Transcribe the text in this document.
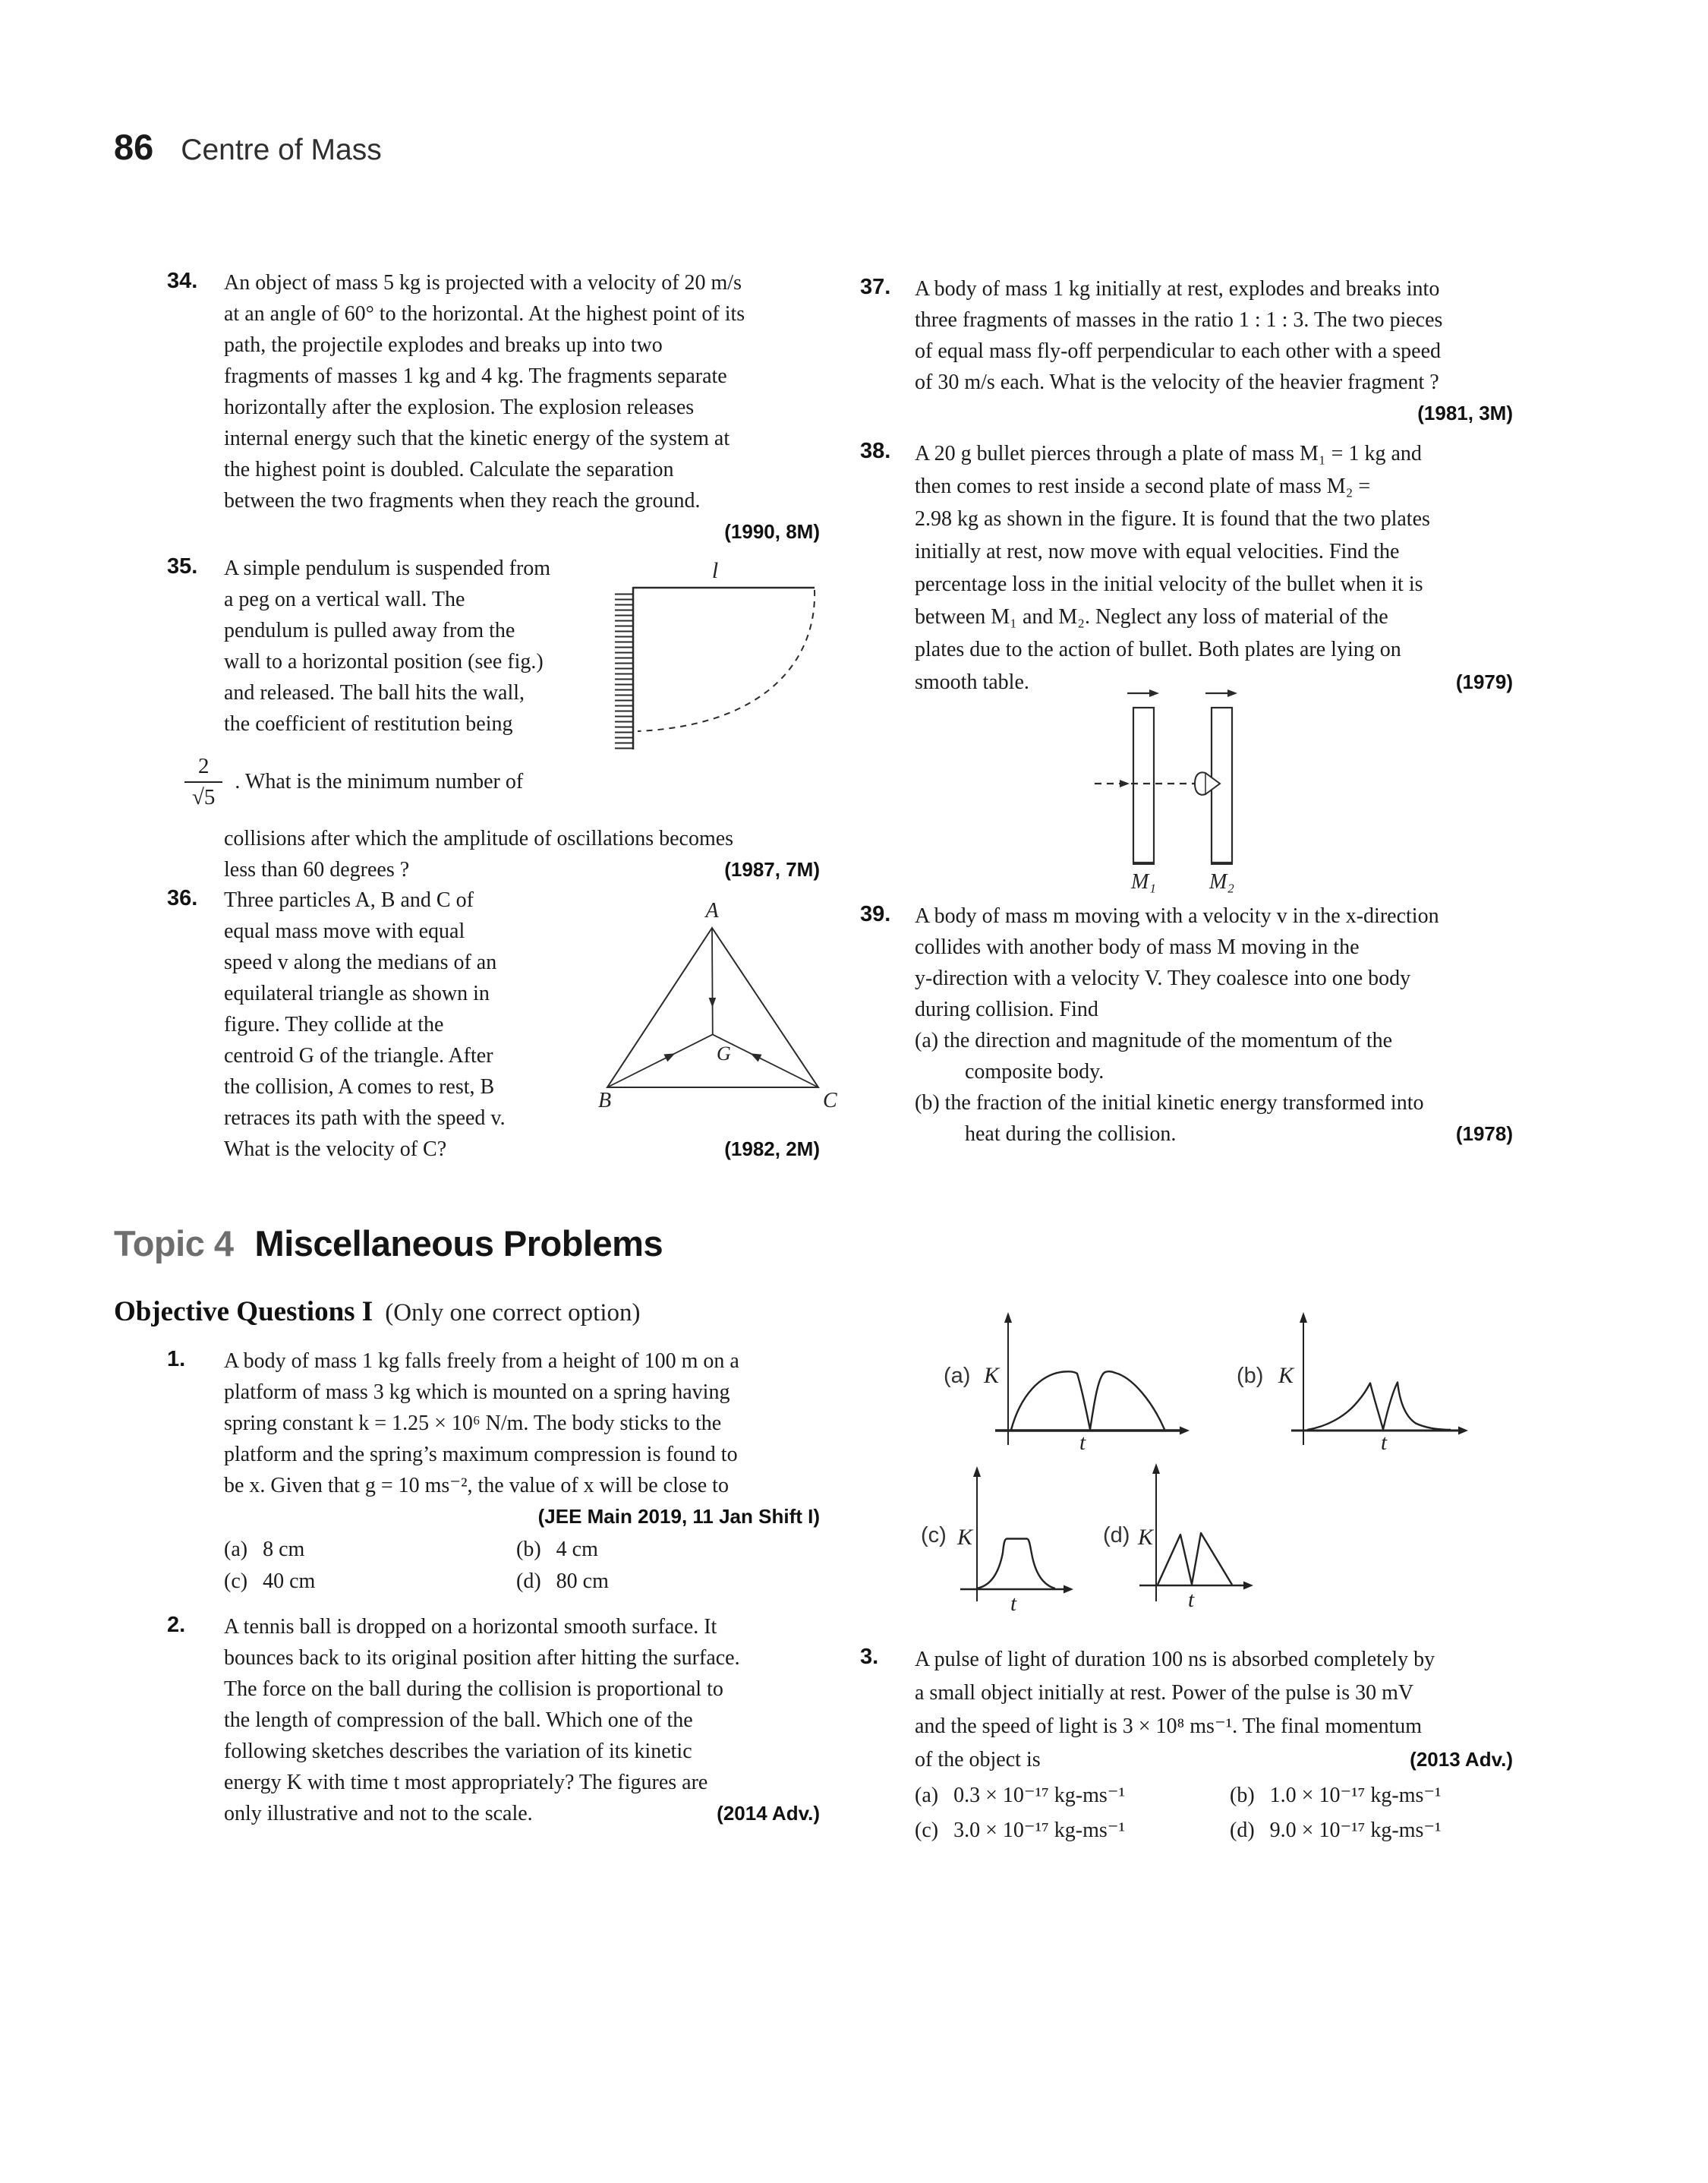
86 Centre of Mass
34. An object of mass 5 kg is projected with a velocity of 20 m/s
at an angle of 60° to the horizontal. At the highest point of its
path, the projectile explodes and breaks up into two
fragments of masses 1 kg and 4 kg. The fragments separate
horizontally after the explosion. The explosion releases
internal energy such that the kinetic energy of the system at
the highest point is doubled. Calculate the separation
between the two fragments when they reach the ground.
(1990, 8M)
35. A simple pendulum is suspended from
a peg on a vertical wall. The
pendulum is pulled away from the
wall to a horizontal position (see fig.)
and released. The ball hits the wall,
the coefficient of restitution being
$\frac{2}{√5}$ . What is the minimum number of
collisions after which the amplitude of oscillations becomes
less than 60 degrees ?	(1987, 7M)
l
36. Three particles A, B and C of
equal mass move with equal
speed v along the medians of an
equilateral triangle as shown in
figure. They collide at the
centroid G of the triangle. After
the collision, A comes to rest, B
retraces its path with the speed v.
What is the velocity of C?	(1982, 2M)
A
B	C
G
Topic 4 Miscellaneous Problems
Objective Questions I (Only one correct option)
1. A body of mass 1 kg falls freely from a height of 100 m on a
platform of mass 3 kg which is mounted on a spring having
spring constant k = 1.25 × 10⁶ N/m. The body sticks to the
platform and the spring’s maximum compression is found to
be x. Given that g = 10 ms⁻², the value of x will be close to
(JEE Main 2019, 11 Jan Shift I)
(a) 8 cm	(b) 4 cm
(c) 40 cm	(d) 80 cm
2. A tennis ball is dropped on a horizontal smooth surface. It
bounces back to its original position after hitting the surface.
The force on the ball during the collision is proportional to
the length of compression of the ball. Which one of the
following sketches describes the variation of its kinetic
energy K with time t most appropriately? The figures are
only illustrative and not to the scale.	(2014 Adv.)
37. A body of mass 1 kg initially at rest, explodes and breaks into
three fragments of masses in the ratio 1 : 1 : 3. The two pieces
of equal mass fly-off perpendicular to each other with a speed
of 30 m/s each. What is the velocity of the heavier fragment ?
(1981, 3M)
38. A 20 g bullet pierces through a plate of mass M₁ = 1 kg and
then comes to rest inside a second plate of mass M₂ =
2.98 kg as shown in the figure. It is found that the two plates
initially at rest, now move with equal velocities. Find the
percentage loss in the initial velocity of the bullet when it is
between M₁ and M₂. Neglect any loss of material of the
plates due to the action of bullet. Both plates are lying on
smooth table.	(1979)
M₁ M₂
39. A body of mass m moving with a velocity v in the x-direction
collides with another body of mass M moving in the
y-direction with a velocity V. They coalesce into one body
during collision. Find
(a) the direction and magnitude of the momentum of the
composite body.
(b) the fraction of the initial kinetic energy transformed into
heat during the collision.	(1978)
(a) K
t
(b) K
t
(c) K
t
(d) K
t
3. A pulse of light of duration 100 ns is absorbed completely by
a small object initially at rest. Power of the pulse is 30 mV
and the speed of light is 3 × 10⁸ ms⁻¹. The final momentum
of the object is	(2013 Adv.)
(a) 0.3 × 10⁻¹⁷ kg-ms⁻¹	(b) 1.0 × 10⁻¹⁷ kg-ms⁻¹
(c) 3.0 × 10⁻¹⁷ kg-ms⁻¹	(d) 9.0 × 10⁻¹⁷ kg-ms⁻¹
